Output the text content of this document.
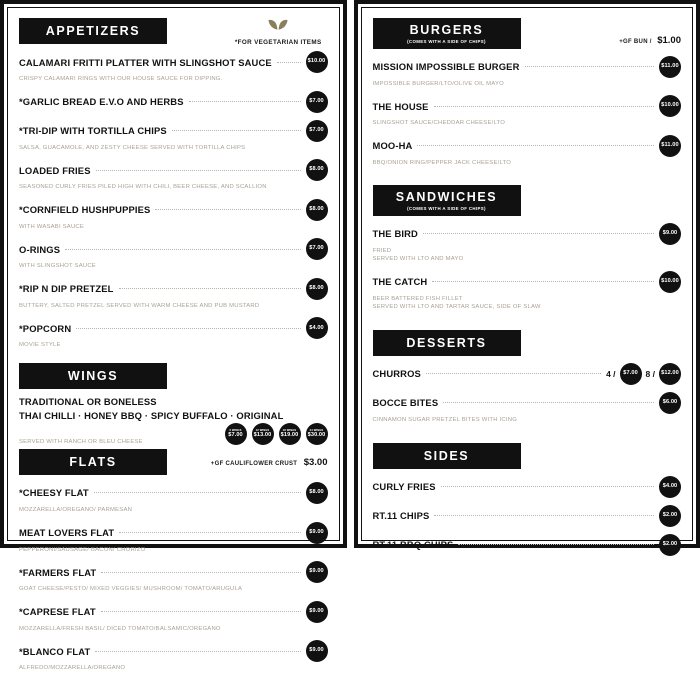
APPETIZERS
*FOR VEGETARIAN ITEMS
CALAMARI FRITTI PLATTER WITH SLINGSHOT SAUCE	$10.00
CRISPY CALAMARI RINGS WITH OUR HOUSE SAUCE FOR DIPPING.
*GARLIC BREAD E.V.O AND HERBS	$7.00
*TRI-DIP WITH TORTILLA CHIPS	$7.00
SALSA, GUACAMOLE, AND ZESTY CHEESE SERVED WITH TORTILLA CHIPS
LOADED FRIES	$8.00
SEASONED CURLY FRIES PILED HIGH WITH CHILI, BEER CHEESE, AND SCALLION
*CORNFIELD HUSHPUPPIES	$8.00
WITH WASABI SAUCE
O-RINGS	$7.00
WITH SLINGSHOT SAUCE
*RIP N DIP PRETZEL	$8.00
BUTTERY, SALTED PRETZEL SERVED WITH WARM CHEESE AND PUB MUSTARD
*POPCORN	$4.00
MOVIE STYLE
WINGS
TRADITIONAL OR BONELESS
THAI CHILLI · HONEY BBQ · SPICY BUFFALO · ORIGINAL
SERVED WITH RANCH OR BLEU CHEESE
6 WINGS
$7.00
12 WINGS
$13.00
18 WINGS
$19.00
24 WINGS
$30.00
FLATS	+GF CAULIFLOWER CRUST $3.00
*CHEESY FLAT	$8.00
MOZZARELLA/OREGANO/ PARMESAN
MEAT LOVERS FLAT	$9.00
PEPPERONI/SAUSAGE/ BACON/ CHORIZO
*FARMERS FLAT	$9.00
GOAT CHEESE/PESTO/ MIXED VEGGIES/ MUSHROOM/ TOMATO/ARUGULA
*CAPRESE FLAT	$9.00
MOZZARELLA/FRESH BASIL/ DICED TOMATO/BALSAMIC/OREGANO
*BLANCO FLAT	$9.00
ALFREDO/MOZZARELLA/OREGANO
BURGERS
(COMES WITH A SIDE OF CHIPS)	+GF BUN / $1.00
MISSION IMPOSSIBLE BURGER	$11.00
IMPOSSIBLE BURGER/LTO/OLIVE OIL MAYO
THE HOUSE	$10.00
SLINGSHOT SAUCE/CHEDDAR CHEESE/LTO
MOO-HA	$11.00
BBQ/ONION RING/PEPPER JACK CHEESE/LTO
SANDWICHES
(COMES WITH A SIDE OF CHIPS)
THE BIRD	$9.00
FRIED
SERVED WITH LTO AND MAYO
THE CATCH	$10.00
BEER BATTERED FISH FILLET
SERVED WITH LTO AND TARTAR SAUCE, SIDE OF SLAW
DESSERTS
CHURROS	4 / $7.00 8 / $12.00
BOCCE BITES	$6.00
CINNAMON SUGAR PRETZEL BITES WITH ICING
SIDES
CURLY FRIES	$4.00
RT.11 CHIPS	$2.00
RT.11 BBQ CHIPS	$2.00
